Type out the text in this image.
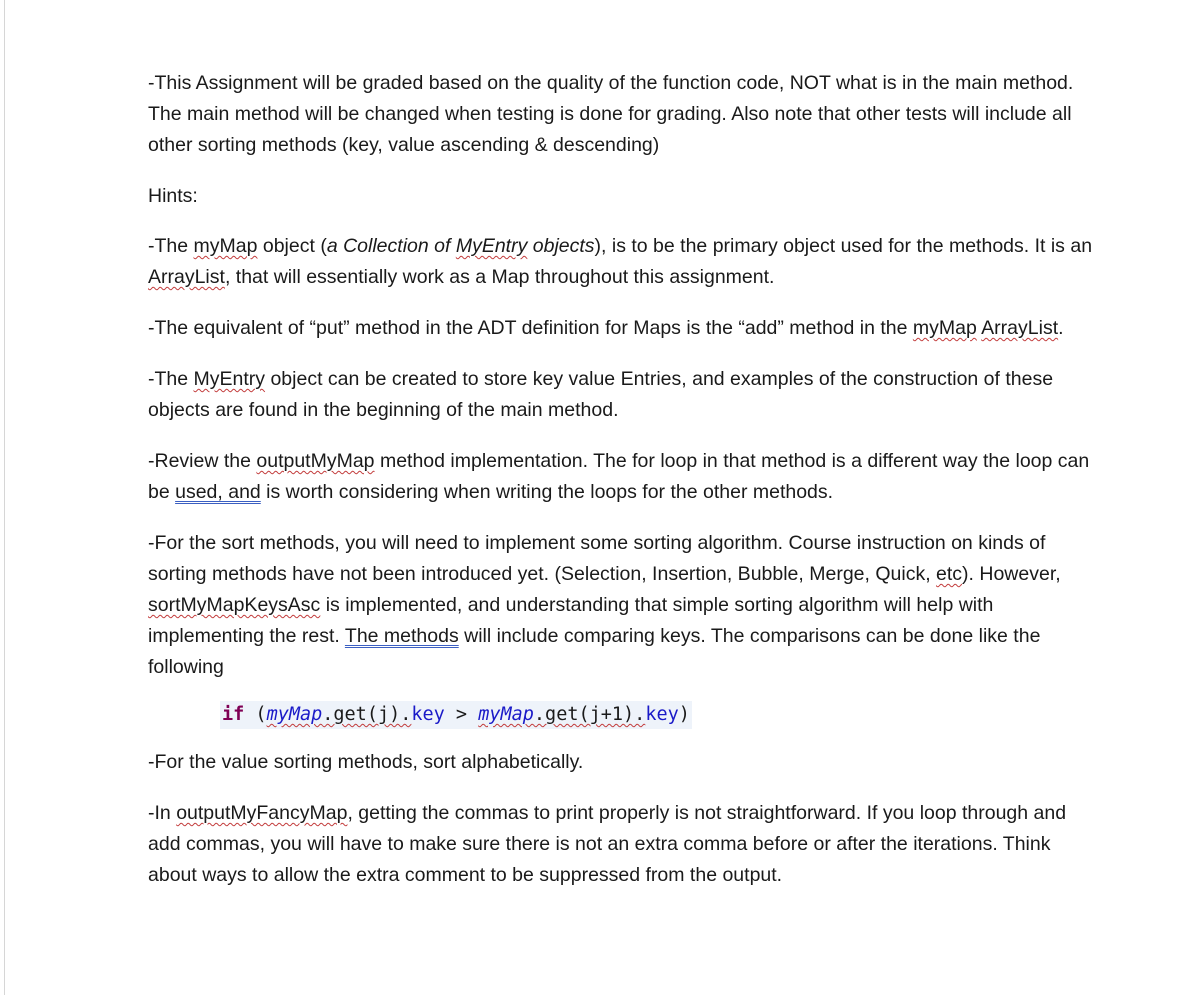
-This Assignment will be graded based on the quality of the function code, NOT what is in the main method. The main method will be changed when testing is done for grading. Also note that other tests will include all other sorting methods (key, value ascending & descending)

Hints:

-The myMap object (a Collection of MyEntry objects), is to be the primary object used for the methods. It is an ArrayList, that will essentially work as a Map throughout this assignment.

-The equivalent of “put” method in the ADT definition for Maps is the “add” method in the myMap ArrayList.

-The MyEntry object can be created to store key value Entries, and examples of the construction of these objects are found in the beginning of the main method.

-Review the outputMyMap method implementation. The for loop in that method is a different way the loop can be used, and is worth considering when writing the loops for the other methods.

-For the sort methods, you will need to implement some sorting algorithm. Course instruction on kinds of sorting methods have not been introduced yet. (Selection, Insertion, Bubble, Merge, Quick, etc). However, sortMyMapKeysAsc is implemented, and understanding that simple sorting algorithm will help with implementing the rest. The methods will include comparing keys. The comparisons can be done like the following

if (myMap.get(j).key > myMap.get(j+1).key)

-For the value sorting methods, sort alphabetically.

-In outputMyFancyMap, getting the commas to print properly is not straightforward. If you loop through and add commas, you will have to make sure there is not an extra comma before or after the iterations. Think about ways to allow the extra comment to be suppressed from the output.
